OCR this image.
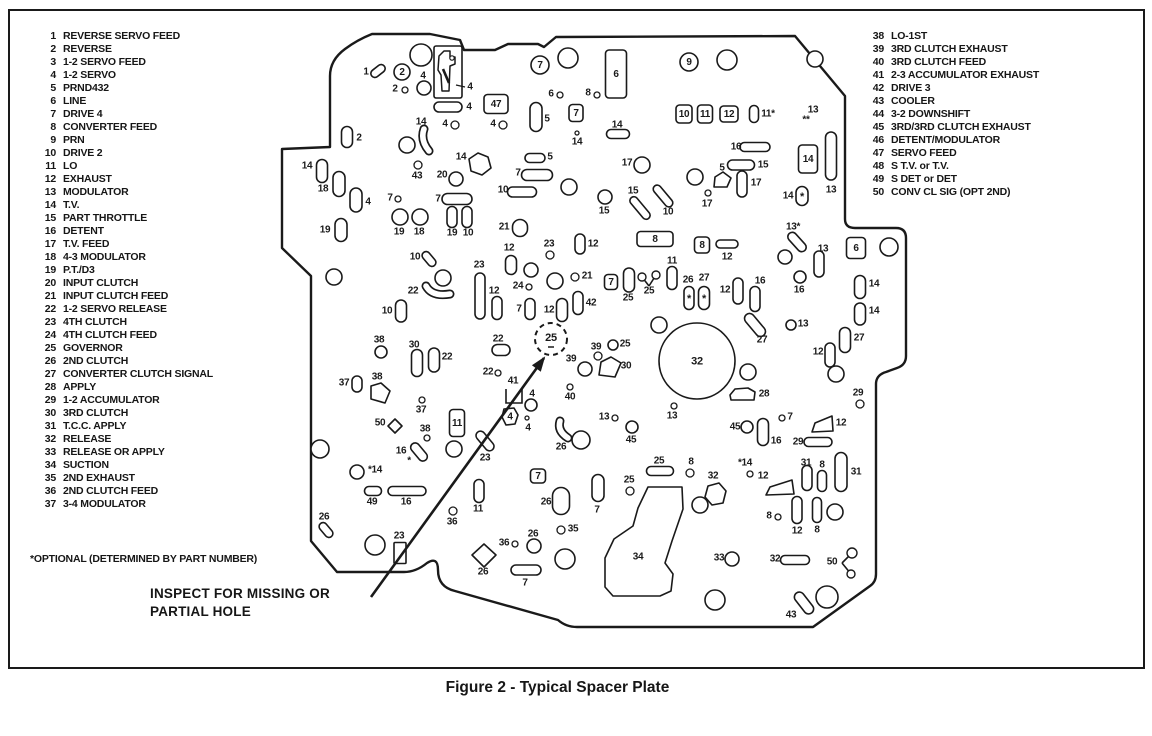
1	2
2
4
4
4
4	4
47
7
6
5
8
6
9
7
14
14
10 11 12	11*
14
13
16
15
17	5
17
17
15
15
10
8
12	8
12
*
14
13*
13
16
6
14
14
2
14
18
4
19
14
43 20
14
7	7
19 18 19 10
5
7
10
21
10
22
10
23
12
12
23
24
7 12
21
42
7
25
25
11
*
26
*
27
12
16
25
38 30
22
22
22
37
38
37
41
4
4
4
50	11
38
16
23
39 25
39
30
40
26
32
27
13
28
12
27
29
13
13
45
45
7
16
12
29
*14
49 16
26
23
36
11
7
26
35
26
36
26
7
7
25 8
25	32
34
*14
12
31 8
31
8
12 8
33	32	50
43
13
**
*
1 REVERSE SERVO FEED
2 REVERSE
3 1-2 SERVO FEED
4 1-2 SERVO
5 PRND432
6 LINE
7 DRIVE 4
8 CONVERTER FEED
9 PRN
10 DRIVE 2
11 LO
12 EXHAUST
13 MODULATOR
14 T.V.
15 PART THROTTLE
16 DETENT
17 T.V. FEED
18 4-3 MODULATOR
19 P.T./D3
20 INPUT CLUTCH
21 INPUT CLUTCH FEED
22 1-2 SERVO RELEASE
23 4TH CLUTCH
24 4TH CLUTCH FEED
25 GOVERNOR
26 2ND CLUTCH
27 CONVERTER CLUTCH SIGNAL
28 APPLY
29 1-2 ACCUMULATOR
30 3RD CLUTCH
31 T.C.C. APPLY
32 RELEASE
33 RELEASE OR APPLY
34 SUCTION
35 2ND EXHAUST
36 2ND CLUTCH FEED
37 3-4 MODULATOR
38 LO-1ST
39 3RD CLUTCH EXHAUST
40 3RD CLUTCH FEED
41 2-3 ACCUMULATOR EXHAUST
42 DRIVE 3
43 COOLER
44 3-2 DOWNSHIFT
45 3RD/3RD CLUTCH EXHAUST
46 DETENT/MODULATOR
47 SERVO FEED
48 S T.V. or T.V.
49 S DET or DET
50 CONV CL SIG (OPT 2ND)
*OPTIONAL (DETERMINED BY PART NUMBER)
INSPECT FOR MISSING OR
PARTIAL HOLE
Figure 2 - Typical Spacer Plate
